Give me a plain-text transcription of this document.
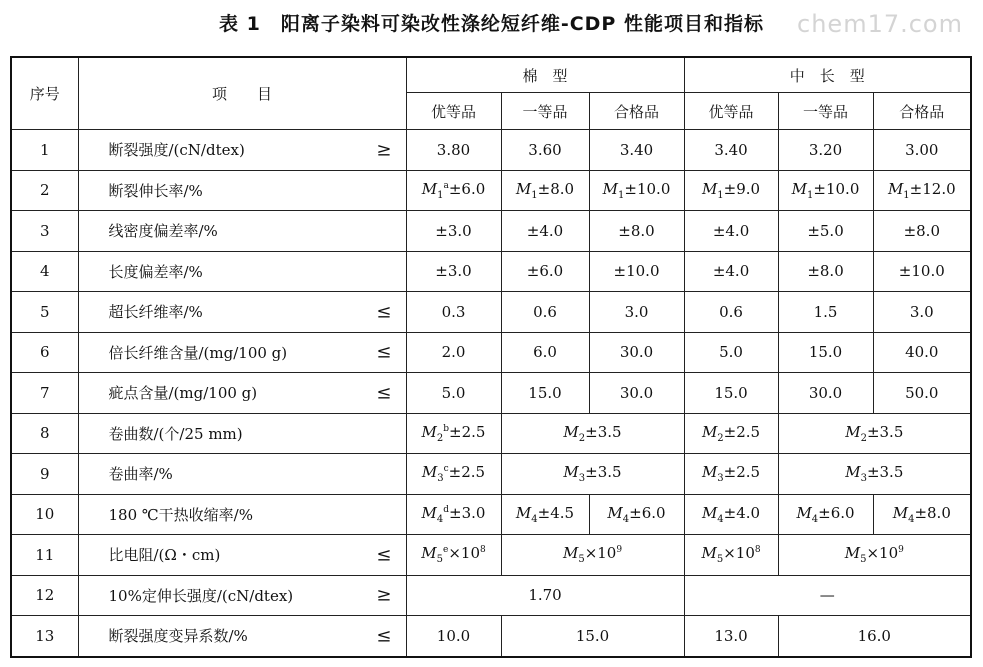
表 1　阳离子染料可染改性涤纶短纤维-CDP 性能项目和指标	chem17.com
序号	项　　目	棉　型			中　长　型		
		优等品	一等品	合格品	优等品	一等品	合格品
1	断裂强度/(cN/dtex) ≥	3.80	3.60	3.40	3.40	3.20	3.00
2	断裂伸长率/%	$M_1^a\pm 6.0$	$M_1\pm 8.0$	$M_1\pm 10.0$	$M_1\pm 9.0$	$M_1\pm 10.0$	$M_1\pm 12.0$
3	线密度偏差率/%	±3.0	±4.0	±8.0	±4.0	±5.0	±8.0
4	长度偏差率/%	±3.0	±6.0	±10.0	±4.0	±8.0	±10.0
5	超长纤维率/% ≤	0.3	0.6	3.0	0.6	1.5	3.0
6	倍长纤维含量/(mg/100 g) ≤	2.0	6.0	30.0	5.0	15.0	40.0
7	疵点含量/(mg/100 g) ≤	5.0	15.0	30.0	15.0	30.0	50.0
8	卷曲数/(个/25 mm)	$M_2^b\pm 2.5$	$M_2\pm 3.5$		$M_2\pm 2.5$	$M_2\pm 3.5$	
9	卷曲率/%	$M_3^c\pm 2.5$	$M_3\pm 3.5$		$M_3\pm 2.5$	$M_3\pm 3.5$	
10	180 ℃干热收缩率/%	$M_4^d\pm 3.0$	$M_4\pm 4.5$	$M_4\pm 6.0$	$M_4\pm 4.0$	$M_4\pm 6.0$	$M_4\pm 8.0$
11	比电阻/(Ω・cm) ≤	$M_5^e\times 10^8$	$M_5\times 10^9$		$M_5\times 10^8$	$M_5\times 10^9$
12	10%定伸长强度/(cN/dtex) ≥	1.70			—		
13	断裂强度变异系数/% ≤	10.0	15.0		13.0	16.0	
